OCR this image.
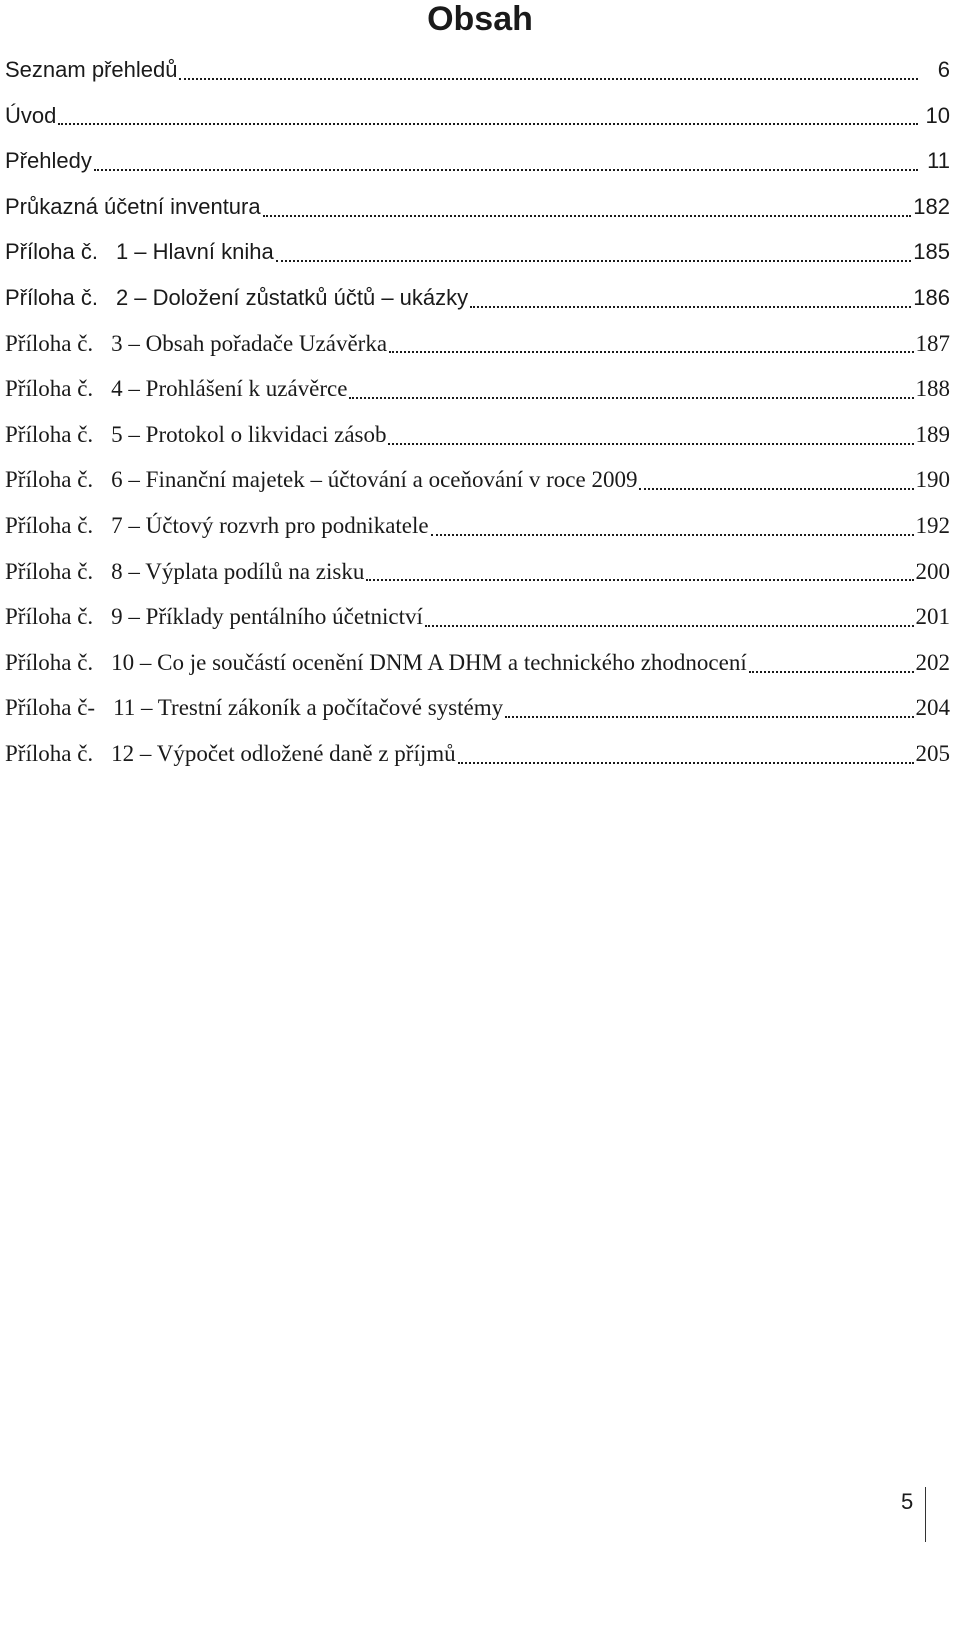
Obsah
Seznam přehledů	6
Úvod	10
Přehledy	11
Průkazná účetní inventura	182
Příloha č. 1 – Hlavní kniha	185
Příloha č. 2 – Doložení zůstatků účtů – ukázky	186
Příloha č. 3 – Obsah pořadače Uzávěrka	187
Příloha č. 4 – Prohlášení k uzávěrce	188
Příloha č. 5 – Protokol o likvidaci zásob	189
Příloha č. 6 – Finanční majetek – účtování a oceňování v roce 2009	190
Příloha č. 7 – Účtový rozvrh pro podnikatele	192
Příloha č. 8 – Výplata podílů na zisku	200
Příloha č. 9 – Příklady pentálního účetnictví	201
Příloha č. 10 – Co je součástí ocenění DNM A DHM a technického zhodnocení	202
Příloha č- 11 – Trestní zákoník a počítačové systémy	204
Příloha č. 12 – Výpočet odložené daně z příjmů	205
5
